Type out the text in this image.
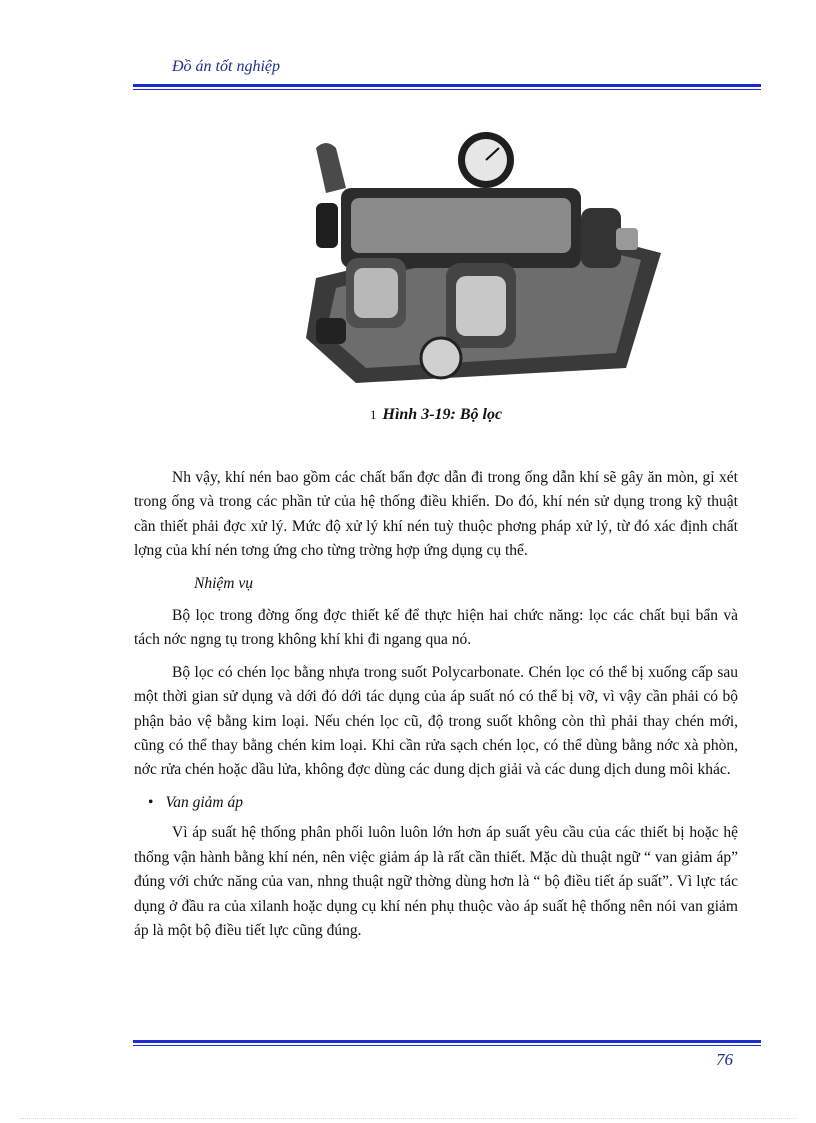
Đồ án tốt nghiệp
1 Hình 3-19: Bộ lọc

Nh vậy, khí nén bao gồm các chất bẩn đợc dẫn đi trong ống dẫn khí sẽ gây ăn mòn, gỉ xét trong ống và trong các phần tử của hệ thống điều khiển. Do đó, khí nén sử dụng trong kỹ thuật cần thiết phải đợc xử lý. Mức độ xử lý khí nén tuỳ thuộc phơng pháp xử lý, từ đó xác định chất lợng của khí nén tơng ứng cho từng trờng hợp ứng dụng cụ thể.

Nhiệm vụ

Bộ lọc trong đờng ống đợc thiết kế để thực hiện hai chức năng: lọc các chất bụi bẩn và tách nớc ngng tụ trong không khí khi đi ngang qua nó.

Bộ lọc có chén lọc bằng nhựa trong suốt Polycarbonate. Chén lọc có thể bị xuống cấp sau một thời gian sử dụng và dới đó dới tác dụng của áp suất nó có thể bị vỡ, vì vậy cần phải có bộ phận bảo vệ bằng kim loại. Nếu chén lọc cũ, độ trong suốt không còn thì phải thay chén mới, cũng có thể thay bằng chén kim loại. Khi cần rửa sạch chén lọc, có thể dùng bằng nớc xà phòn, nớc rửa chén hoặc dầu lửa, không đợc dùng các dung dịch giải và các dung dịch dung môi khác.

• Van giảm áp

Vì áp suất hệ thống phân phối luôn luôn lớn hơn áp suất yêu cầu của các thiết bị hoặc hệ thống vận hành bằng khí nén, nên việc giảm áp là rất cần thiết. Mặc dù thuật ngữ “ van giảm áp” đúng với chức năng của van, nhng thuật ngữ thờng dùng hơn là “ bộ điều tiết áp suất”. Vì lực tác dụng ở đầu ra của xilanh hoặc dụng cụ khí nén phụ thuộc vào áp suất hệ thống nên nói van giảm áp là một bộ điều tiết lực cũng đúng.

76
